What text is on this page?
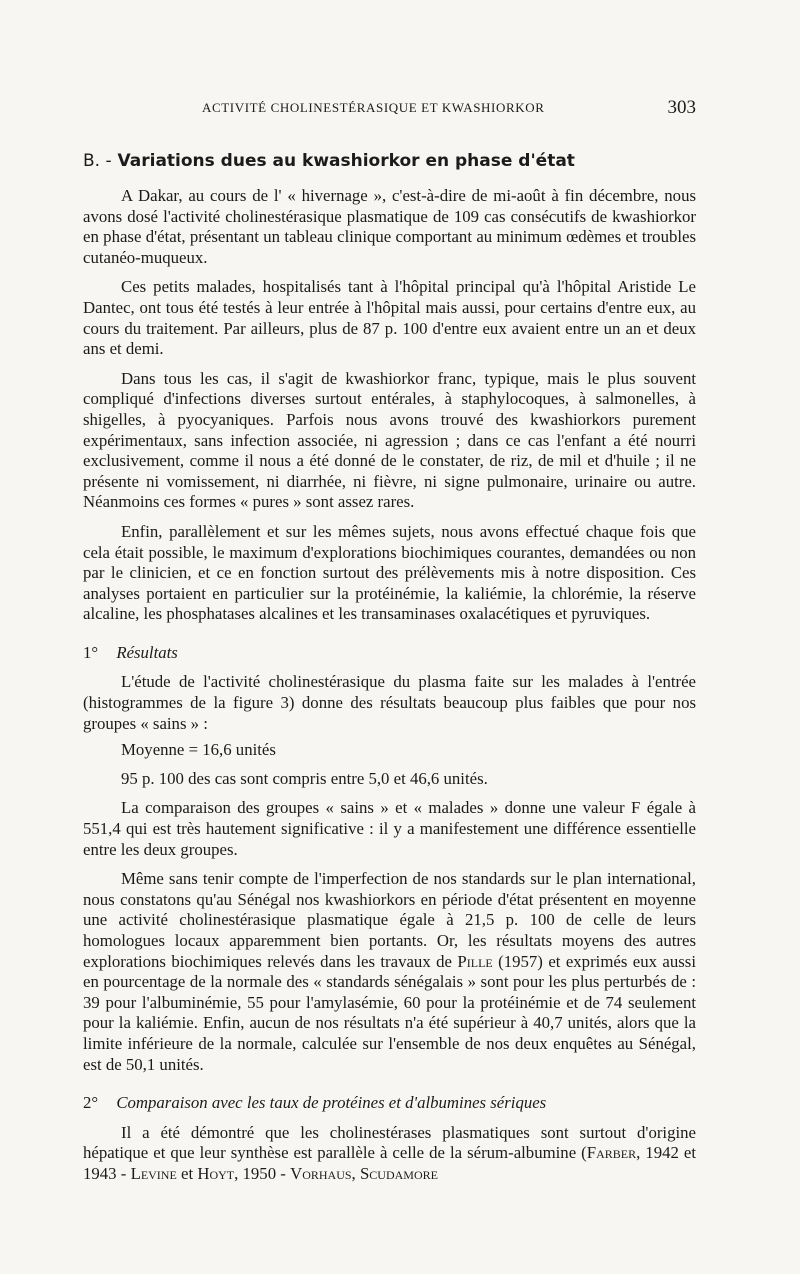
ACTIVITÉ CHOLINESTÉRASIQUE ET KWASHIORKOR	303
B. - Variations dues au kwashiorkor en phase d'état

A Dakar, au cours de l' « hivernage », c'est-à-dire de mi-août à fin décembre, nous avons dosé l'activité cholinestérasique plasmatique de 109 cas consécutifs de kwashiorkor en phase d'état, présentant un tableau clinique comportant au minimum œdèmes et troubles cutanéo-muqueux.

Ces petits malades, hospitalisés tant à l'hôpital principal qu'à l'hôpital Aristide Le Dantec, ont tous été testés à leur entrée à l'hôpital mais aussi, pour certains d'entre eux, au cours du traitement. Par ailleurs, plus de 87 p. 100 d'entre eux avaient entre un an et deux ans et demi.

Dans tous les cas, il s'agit de kwashiorkor franc, typique, mais le plus souvent compliqué d'infections diverses surtout entérales, à staphylocoques, à salmonelles, à shigelles, à pyocyaniques. Parfois nous avons trouvé des kwashiorkors purement expérimentaux, sans infection associée, ni agression ; dans ce cas l'enfant a été nourri exclusivement, comme il nous a été donné de le constater, de riz, de mil et d'huile ; il ne présente ni vomissement, ni diarrhée, ni fièvre, ni signe pulmonaire, urinaire ou autre. Néanmoins ces formes « pures » sont assez rares.

Enfin, parallèlement et sur les mêmes sujets, nous avons effectué chaque fois que cela était possible, le maximum d'explorations biochimiques courantes, demandées ou non par le clinicien, et ce en fonction surtout des prélèvements mis à notre disposition. Ces analyses portaient en particulier sur la protéinémie, la kaliémie, la chlorémie, la réserve alcaline, les phosphatases alcalines et les transaminases oxalacétiques et pyruviques.

1° Résultats

L'étude de l'activité cholinestérasique du plasma faite sur les malades à l'entrée (histogrammes de la figure 3) donne des résultats beaucoup plus faibles que pour nos groupes « sains » :

Moyenne = 16,6 unités

95 p. 100 des cas sont compris entre 5,0 et 46,6 unités.

La comparaison des groupes « sains » et « malades » donne une valeur F égale à 551,4 qui est très hautement significative : il y a manifestement une différence essentielle entre les deux groupes.

Même sans tenir compte de l'imperfection de nos standards sur le plan international, nous constatons qu'au Sénégal nos kwashiorkors en période d'état présentent en moyenne une activité cholinestérasique plasmatique égale à 21,5 p. 100 de celle de leurs homologues locaux apparemment bien portants. Or, les résultats moyens des autres explorations biochimiques relevés dans les travaux de Pille (1957) et exprimés eux aussi en pourcentage de la normale des « standards sénégalais » sont pour les plus perturbés de : 39 pour l'albuminémie, 55 pour l'amylasémie, 60 pour la protéinémie et de 74 seulement pour la kaliémie. Enfin, aucun de nos résultats n'a été supérieur à 40,7 unités, alors que la limite inférieure de la normale, calculée sur l'ensemble de nos deux enquêtes au Sénégal, est de 50,1 unités.

2° Comparaison avec les taux de protéines et d'albumines sériques

Il a été démontré que les cholinestérases plasmatiques sont surtout d'origine hépatique et que leur synthèse est parallèle à celle de la sérum-albumine (Farber, 1942 et 1943 - Levine et Hoyt, 1950 - Vorhaus, Scudamore
